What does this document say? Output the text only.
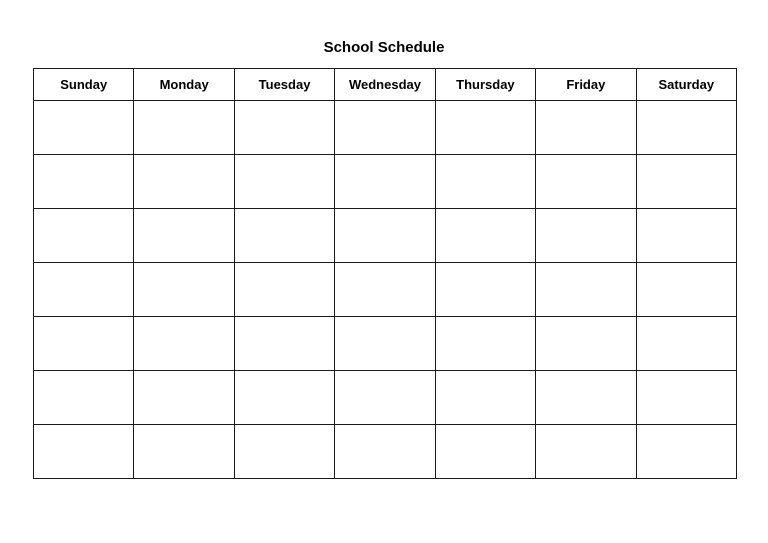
School Schedule
Sunday	Monday	Tuesday	Wednesday	Thursday	Friday	Saturday
